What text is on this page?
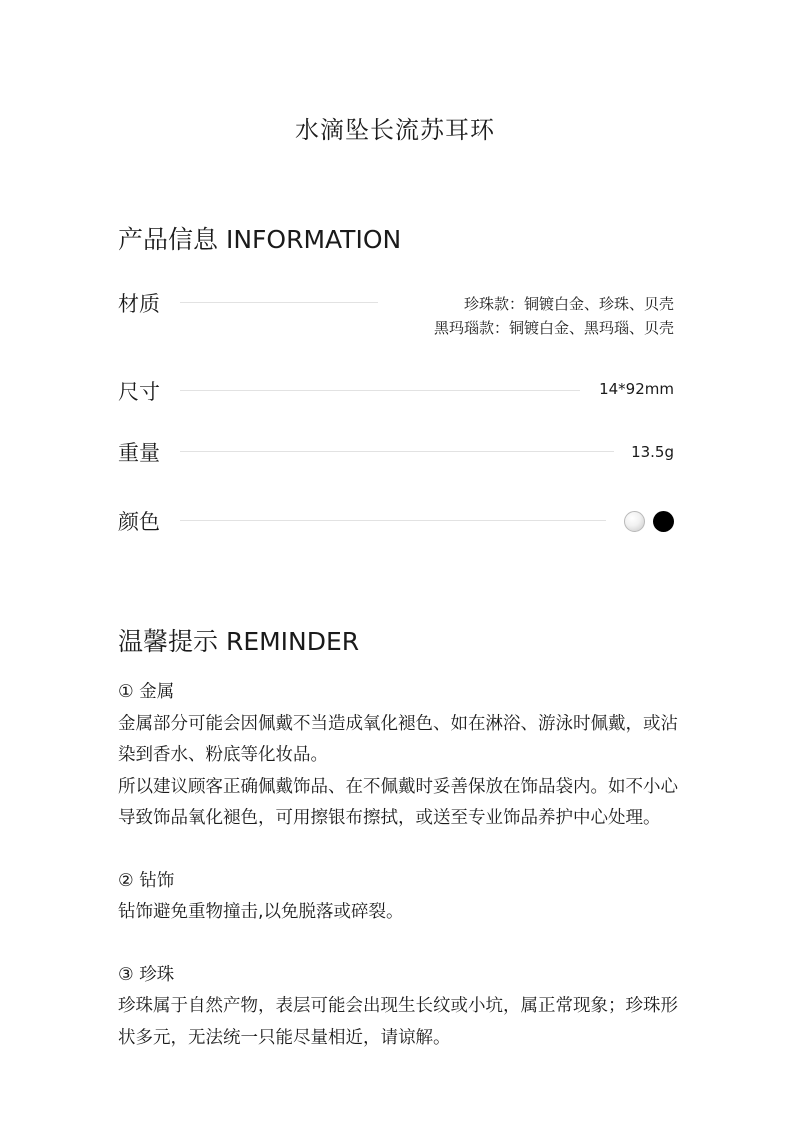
水滴坠长流苏耳环
产品信息 INFORMATION
材质	珍珠款：铜镀白金、珍珠、贝壳
黑玛瑙款：铜镀白金、黑玛瑙、贝壳
尺寸	14*92mm
重量	13.5g
颜色
温馨提示 REMINDER

① 金属

金属部分可能会因佩戴不当造成氧化褪色、如在淋浴、游泳时佩戴，或沾染到香水、粉底等化妆品。

所以建议顾客正确佩戴饰品、在不佩戴时妥善保放在饰品袋内。如不小心导致饰品氧化褪色，可用擦银布擦拭，或送至专业饰品养护中心处理。

② 钻饰

钻饰避免重物撞击,以免脱落或碎裂。

③ 珍珠

珍珠属于自然产物，表层可能会出现生长纹或小坑，属正常现象；珍珠形状多元，无法统一只能尽量相近，请谅解。
